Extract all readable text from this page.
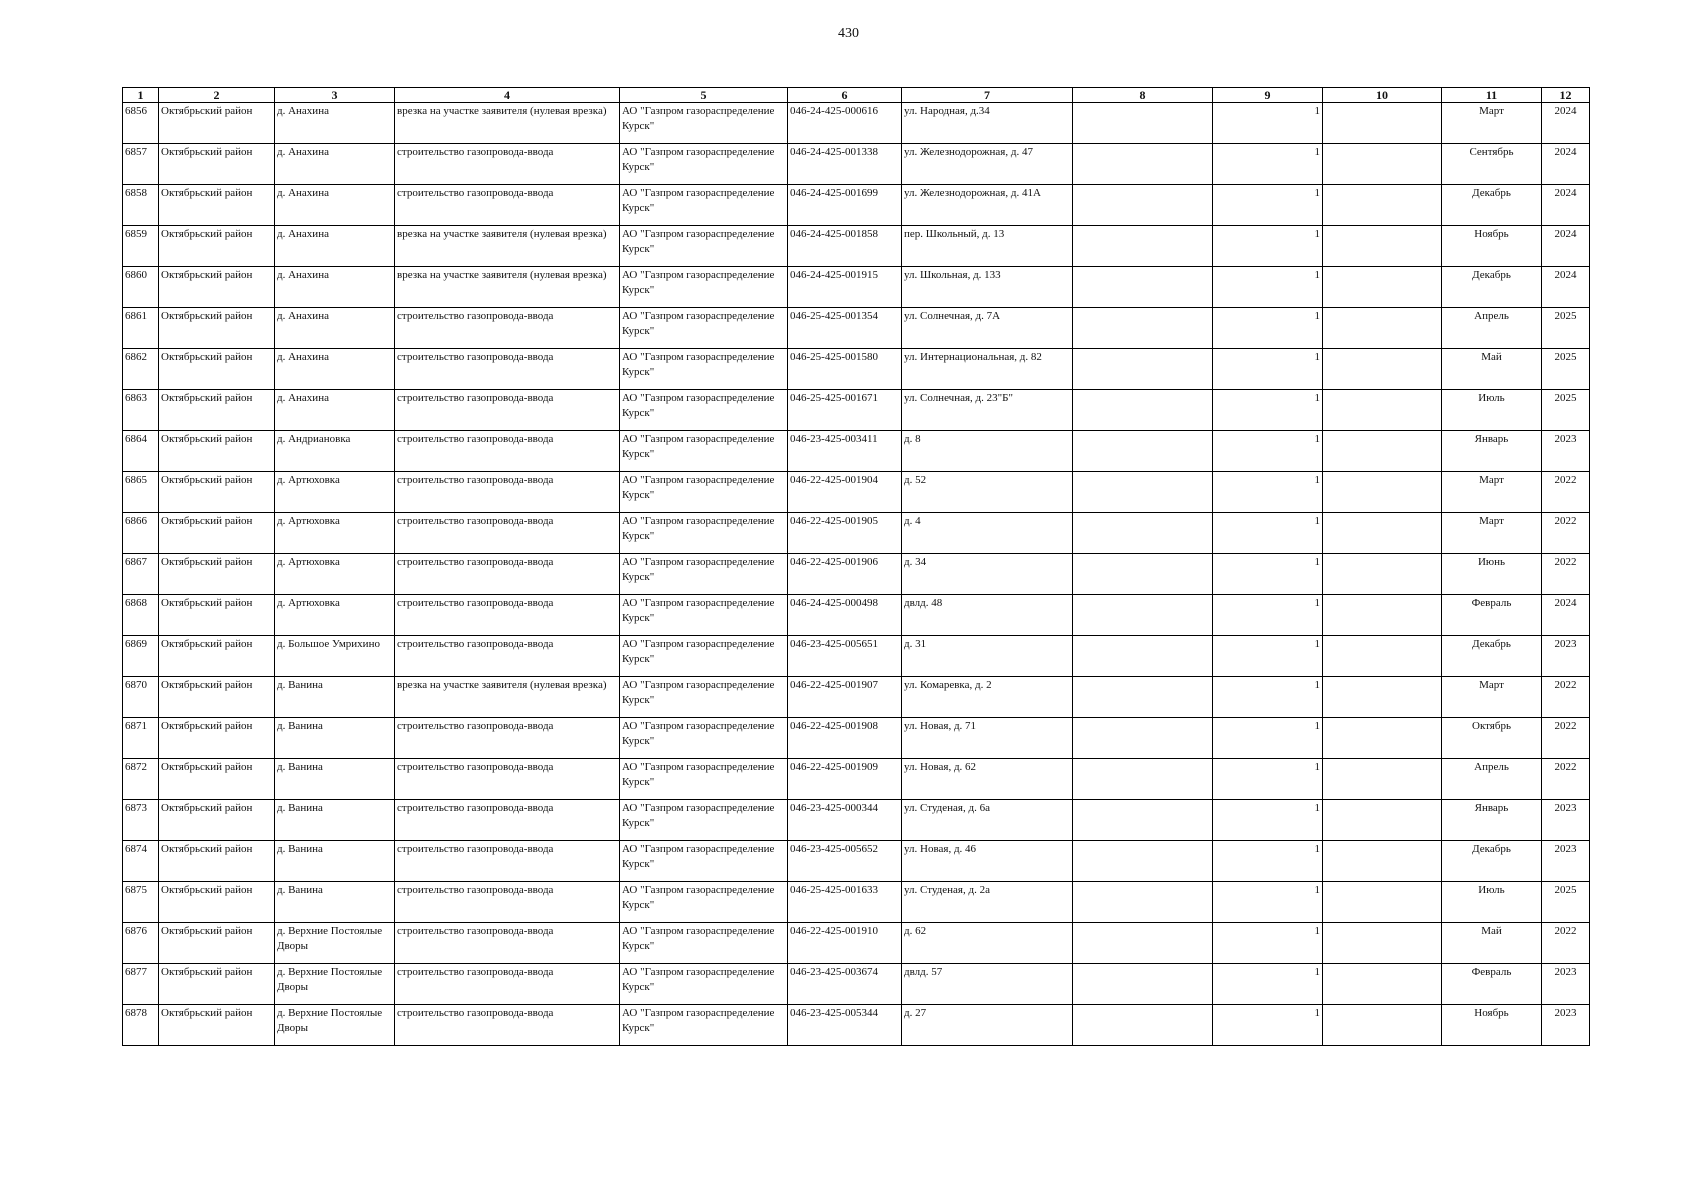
430
1	2	3	4	5	6	7	8	9	10	11	12
6856	Октябрьский район	д. Анахина	врезка на участке заявителя (нулевая врезка)	АО "Газпром газораспределение Курск"	046-24-425-000616	ул. Народная, д.34		1		Март	2024
6857	Октябрьский район	д. Анахина	строительство газопровода-ввода	АО "Газпром газораспределение Курск"	046-24-425-001338	ул. Железнодорожная, д. 47		1		Сентябрь	2024
6858	Октябрьский район	д. Анахина	строительство газопровода-ввода	АО "Газпром газораспределение Курск"	046-24-425-001699	ул. Железнодорожная, д. 41А		1		Декабрь	2024
6859	Октябрьский район	д. Анахина	врезка на участке заявителя (нулевая врезка)	АО "Газпром газораспределение Курск"	046-24-425-001858	пер. Школьный, д. 13		1		Ноябрь	2024
6860	Октябрьский район	д. Анахина	врезка на участке заявителя (нулевая врезка)	АО "Газпром газораспределение Курск"	046-24-425-001915	ул. Школьная, д. 133		1		Декабрь	2024
6861	Октябрьский район	д. Анахина	строительство газопровода-ввода	АО "Газпром газораспределение Курск"	046-25-425-001354	ул. Солнечная, д. 7А		1		Апрель	2025
6862	Октябрьский район	д. Анахина	строительство газопровода-ввода	АО "Газпром газораспределение Курск"	046-25-425-001580	ул. Интернациональная, д. 82		1		Май	2025
6863	Октябрьский район	д. Анахина	строительство газопровода-ввода	АО "Газпром газораспределение Курск"	046-25-425-001671	ул. Солнечная, д. 23"Б"		1		Июль	2025
6864	Октябрьский район	д. Андриановка	строительство газопровода-ввода	АО "Газпром газораспределение Курск"	046-23-425-003411	д. 8		1		Январь	2023
6865	Октябрьский район	д. Артюховка	строительство газопровода-ввода	АО "Газпром газораспределение Курск"	046-22-425-001904	д. 52		1		Март	2022
6866	Октябрьский район	д. Артюховка	строительство газопровода-ввода	АО "Газпром газораспределение Курск"	046-22-425-001905	д. 4		1		Март	2022
6867	Октябрьский район	д. Артюховка	строительство газопровода-ввода	АО "Газпром газораспределение Курск"	046-22-425-001906	д. 34		1		Июнь	2022
6868	Октябрьский район	д. Артюховка	строительство газопровода-ввода	АО "Газпром газораспределение Курск"	046-24-425-000498	двлд. 48		1		Февраль	2024
6869	Октябрьский район	д. Большое Умрихино	строительство газопровода-ввода	АО "Газпром газораспределение Курск"	046-23-425-005651	д. 31		1		Декабрь	2023
6870	Октябрьский район	д. Ванина	врезка на участке заявителя (нулевая врезка)	АО "Газпром газораспределение Курск"	046-22-425-001907	ул. Комаревка, д. 2		1		Март	2022
6871	Октябрьский район	д. Ванина	строительство газопровода-ввода	АО "Газпром газораспределение Курск"	046-22-425-001908	ул. Новая, д. 71		1		Октябрь	2022
6872	Октябрьский район	д. Ванина	строительство газопровода-ввода	АО "Газпром газораспределение Курск"	046-22-425-001909	ул. Новая, д. 62		1		Апрель	2022
6873	Октябрьский район	д. Ванина	строительство газопровода-ввода	АО "Газпром газораспределение Курск"	046-23-425-000344	ул. Студеная, д. 6а		1		Январь	2023
6874	Октябрьский район	д. Ванина	строительство газопровода-ввода	АО "Газпром газораспределение Курск"	046-23-425-005652	ул. Новая, д. 46		1		Декабрь	2023
6875	Октябрьский район	д. Ванина	строительство газопровода-ввода	АО "Газпром газораспределение Курск"	046-25-425-001633	ул. Студеная, д. 2а		1		Июль	2025
6876	Октябрьский район	д. Верхние Постоялые Дворы	строительство газопровода-ввода	АО "Газпром газораспределение Курск"	046-22-425-001910	д. 62		1		Май	2022
6877	Октябрьский район	д. Верхние Постоялые Дворы	строительство газопровода-ввода	АО "Газпром газораспределение Курск"	046-23-425-003674	двлд. 57		1		Февраль	2023
6878	Октябрьский район	д. Верхние Постоялые Дворы	строительство газопровода-ввода	АО "Газпром газораспределение Курск"	046-23-425-005344	д. 27		1		Ноябрь	2023
